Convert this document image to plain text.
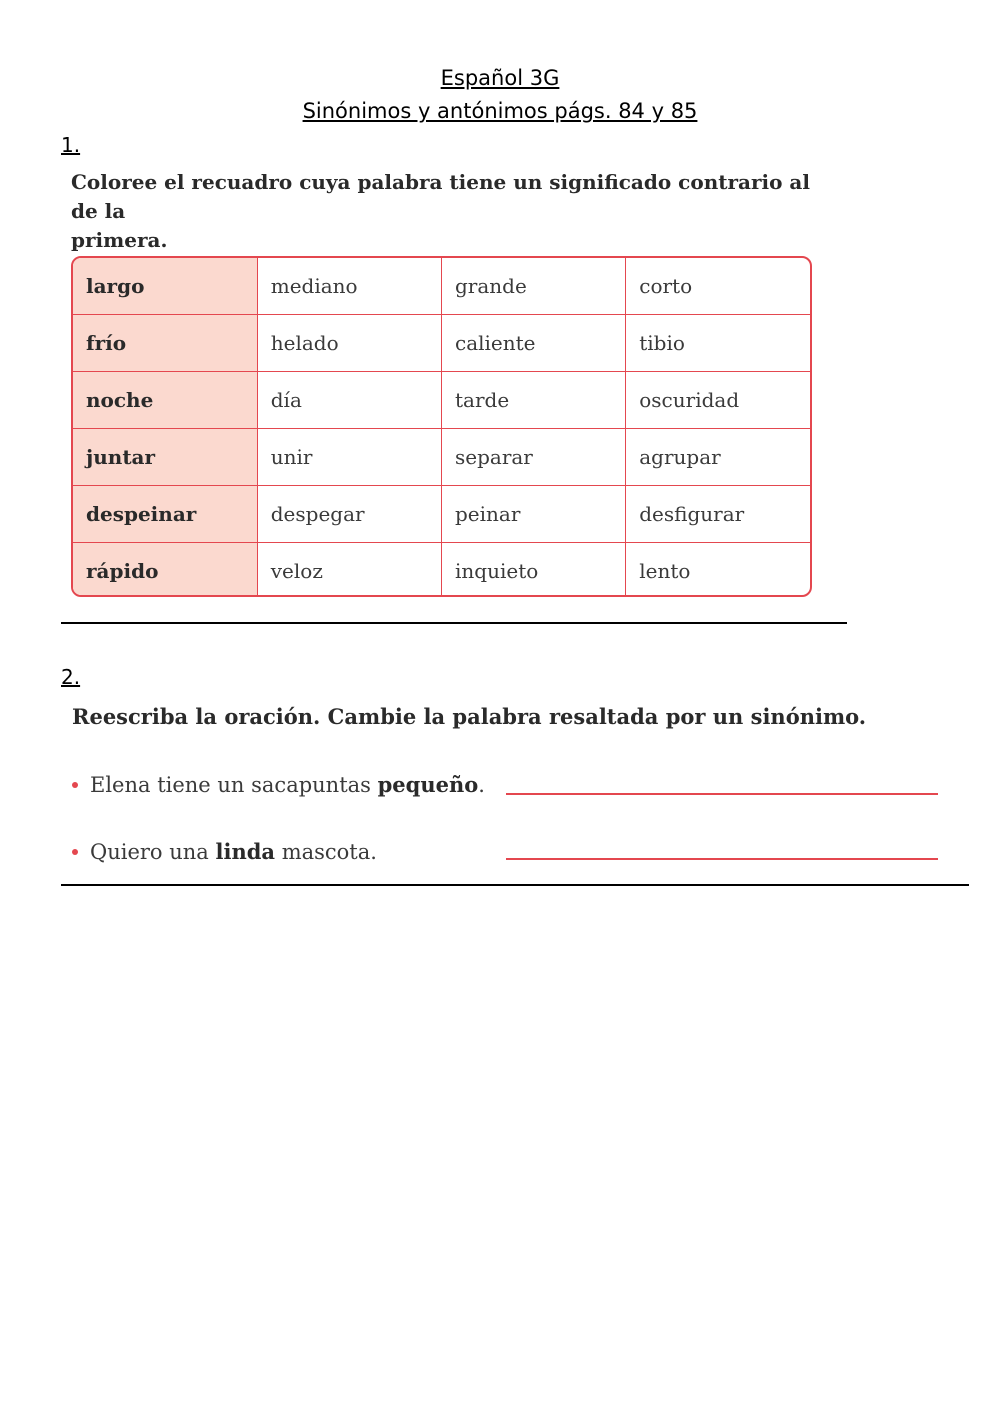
Español 3G
Sinónimos y antónimos págs. 84 y 85
1.
Coloree el recuadro cuya palabra tiene un significado contrario al de la
primera.
largo	mediano	grande	corto
frío	helado	caliente	tibio
noche	día	tarde	oscuridad
juntar	unir	separar	agrupar
despeinar	despegar	peinar	desfigurar
rápido	veloz	inquieto	lento
2.
Reescriba la oración. Cambie la palabra resaltada por un sinónimo.
Elena tiene un sacapuntas pequeño.
Quiero una linda mascota.
